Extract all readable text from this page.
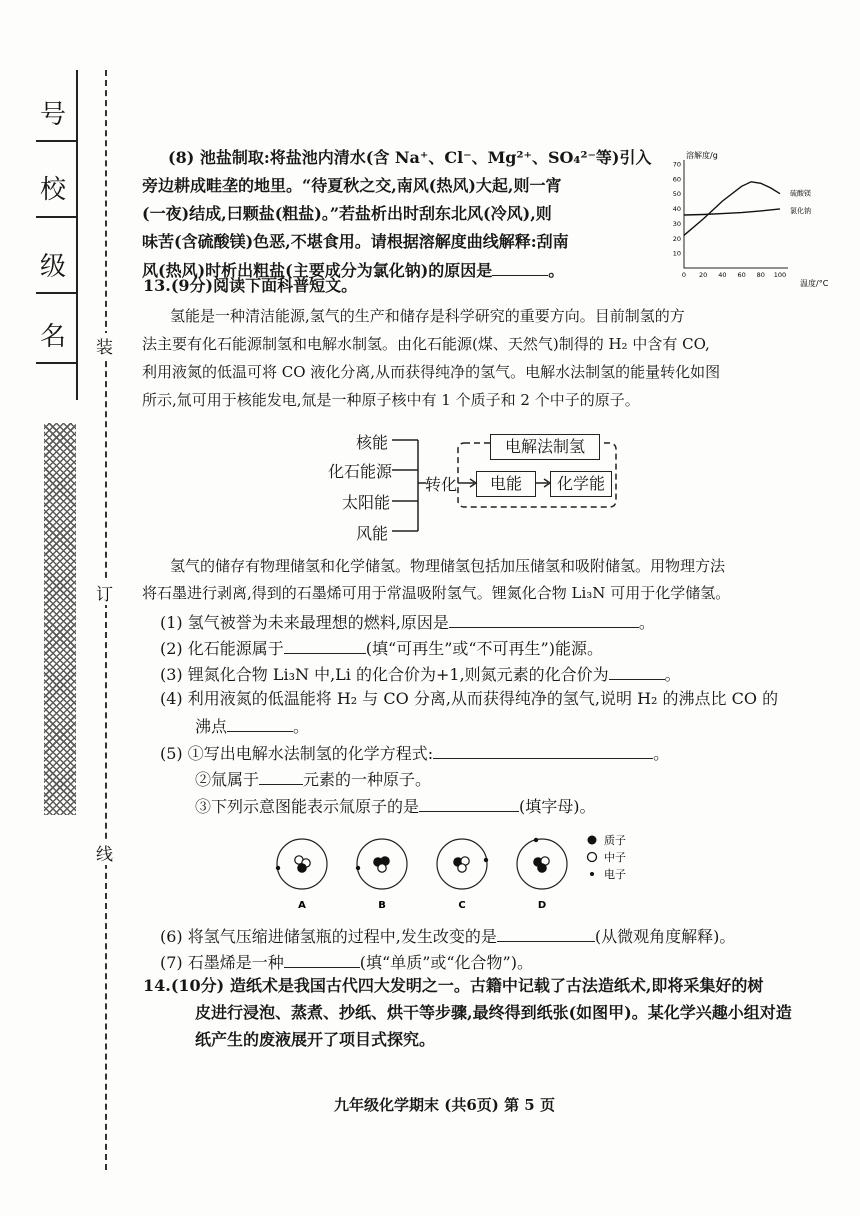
号
校
级
名 装
订
线
(8) 池盐制取:将盐池内清水(含 Na⁺、Cl⁻、Mg²⁺、SO₄²⁻等)引入
旁边耕成畦垄的地里。“待夏秋之交,南风(热风)大起,则一宵
(一夜)结成,曰颗盐(粗盐)。”若盐析出时刮东北风(冷风),则
味苦(含硫酸镁)色恶,不堪食用。请根据溶解度曲线解释:刮南
风(热风)时析出粗盐(主要成分为氯化钠)的原因是	。
10
20
30
40
50
60
70
0 20 40 60 80 100
硫酸镁
氯化钠
溶解度/g
温度/°C
13.(9分)阅读下面科普短文。
氢能是一种清洁能源,氢气的生产和储存是科学研究的重要方向。目前制氢的方
法主要有化石能源制氢和电解水制氢。由化石能源(煤、天然气)制得的 H₂ 中含有 CO,
利用液氮的低温可将 CO 液化分离,从而获得纯净的氢气。电解水法制氢的能量转化如图
所示,氚可用于核能发电,氚是一种原子核中有 1 个质子和 2 个中子的原子。
核能
化石能源
太阳能
风能
转化
电解法制氢
电能	化学能
氢气的储存有物理储氢和化学储氢。物理储氢包括加压储氢和吸附储氢。用物理方法
将石墨进行剥离,得到的石墨烯可用于常温吸附氢气。锂氮化合物 Li₃N 可用于化学储氢。
(1) 氢气被誉为未来最理想的燃料,原因是	。
(2) 化石能源属于	(填“可再生”或“不可再生”)能源。
(3) 锂氮化合物 Li₃N 中,Li 的化合价为+1,则氮元素的化合价为	。
(4) 利用液氮的低温能将 H₂ 与 CO 分离,从而获得纯净的氢气,说明 H₂ 的沸点比 CO 的
沸点	。
(5) ①写出电解水法制氢的化学方程式:	。
②氚属于	元素的一种原子。
③下列示意图能表示氚原子的是	(填字母)。
A	B	C	D
质子
中子
电子
(6) 将氢气压缩进储氢瓶的过程中,发生改变的是	(从微观角度解释)。
(7) 石墨烯是一种	(填“单质”或“化合物”)。
14.(10分) 造纸术是我国古代四大发明之一。古籍中记载了古法造纸术,即将采集好的树
皮进行浸泡、蒸煮、抄纸、烘干等步骤,最终得到纸张(如图甲)。某化学兴趣小组对造
纸产生的废液展开了项目式探究。
九年级化学期末 (共6页) 第 5 页
